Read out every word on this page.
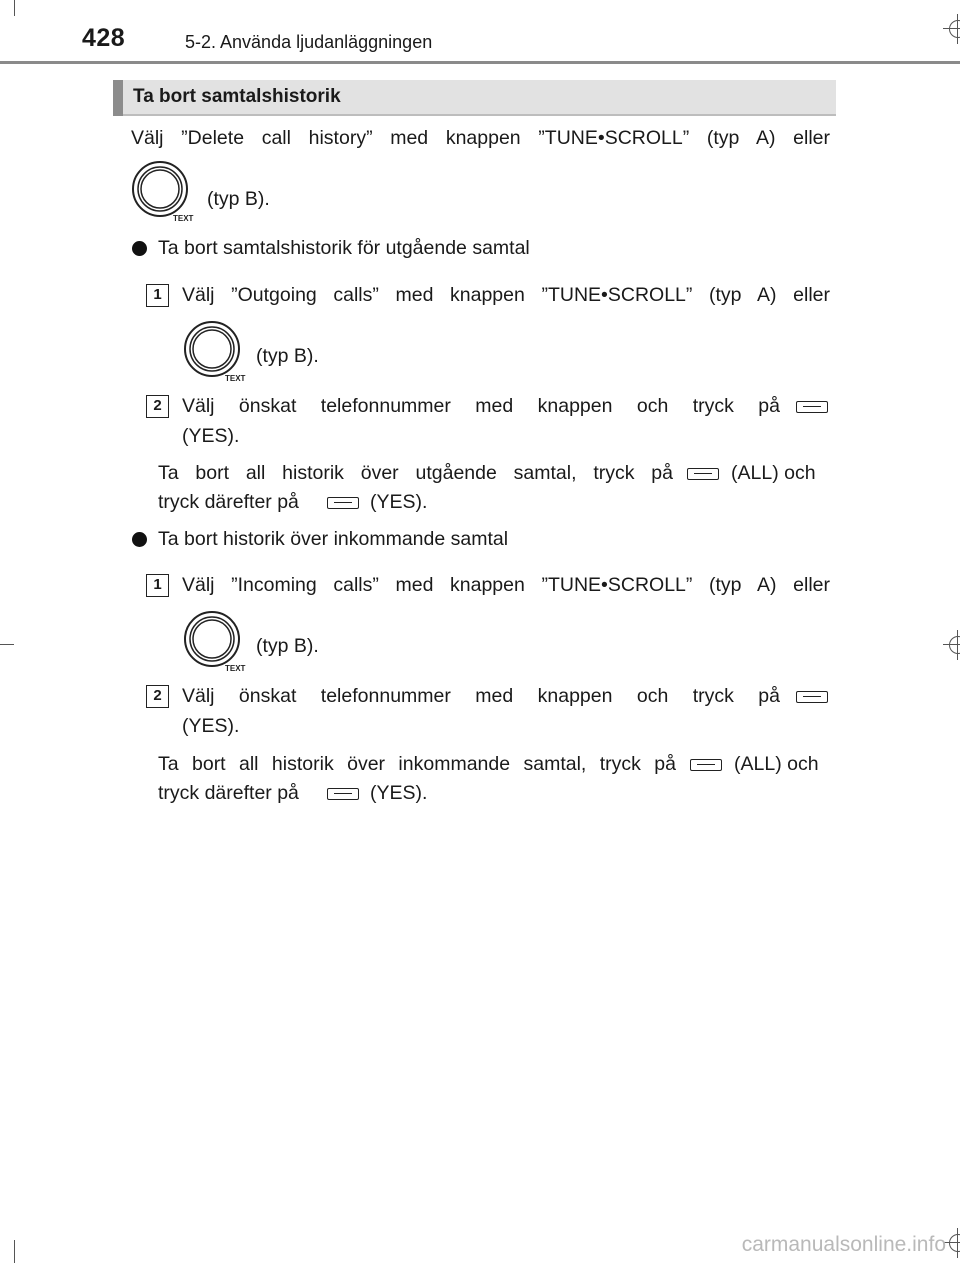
428	5-2. Använda ljudanläggningen
Ta bort samtalshistorik
Välj ”Delete call history” med knappen ”TUNE•SCROLL” (typ A) eller
TEXT
(typ B).
Ta bort samtalshistorik för utgående samtal
1	Välj ”Outgoing calls” med knappen ”TUNE•SCROLL” (typ A) eller
TEXT
(typ B).
2	Välj önskat telefonnummer med knappen och tryck på
(YES).
Ta bort all historik över utgående samtal, tryck på	(ALL) och
tryck därefter på	(YES).
Ta bort historik över inkommande samtal
1	Välj ”Incoming calls” med knappen ”TUNE•SCROLL” (typ A) eller
TEXT
(typ B).
2	Välj önskat telefonnummer med knappen och tryck på
(YES).
Ta bort all historik över inkommande samtal, tryck på	(ALL) och
tryck därefter på	(YES).
carmanualsonline.info
